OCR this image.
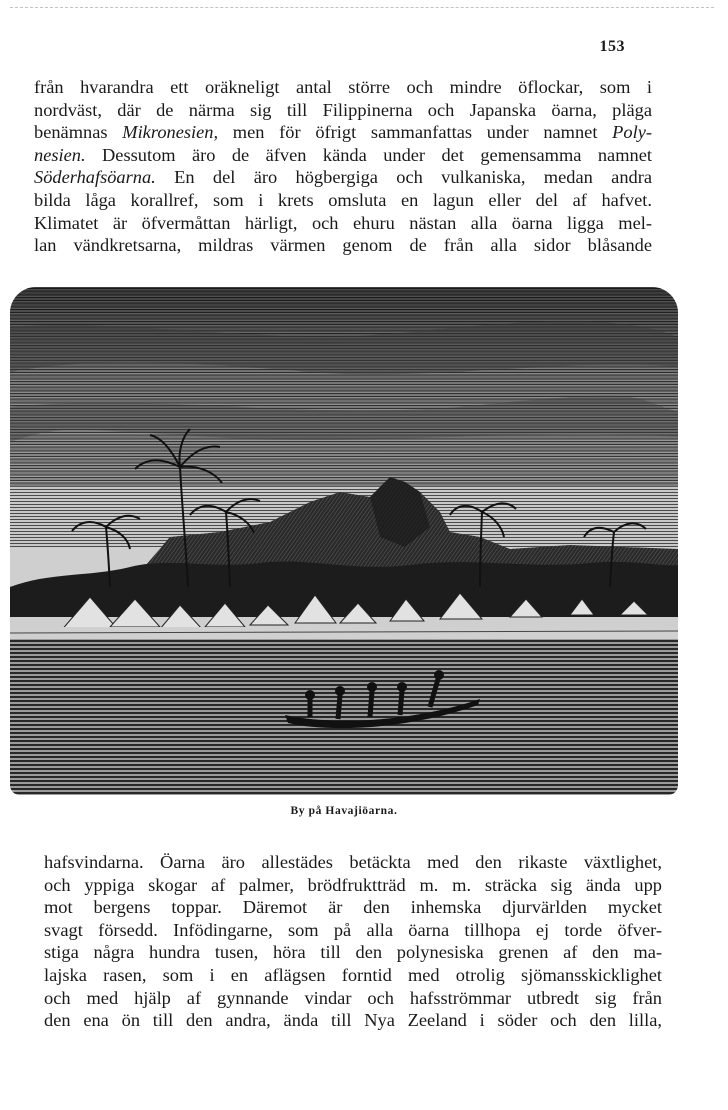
153
från hvarandra ett oräkneligt antal större och mindre öflockar, som i
nordväst, där de närma sig till Filippinerna och Japanska öarna, pläga
benämnas Mikronesien, men för öfrigt sammanfattas under namnet Poly-
nesien. Dessutom äro de äfven kända under det gemensamma namnet
Söderhafsöarna. En del äro högbergiga och vulkaniska, medan andra
bilda låga korallref, som i krets omsluta en lagun eller del af hafvet.
Klimatet är öfvermåttan härligt, och ehuru nästan alla öarna ligga mel-
lan vändkretsarna, mildras värmen genom de från alla sidor blåsande
By på Havajiöarna.
hafsvindarna. Öarna äro allestädes betäckta med den rikaste växtlighet,
och yppiga skogar af palmer, brödfruktträd m. m. sträcka sig ända upp
mot bergens toppar. Däremot är den inhemska djurvärlden mycket
svagt försedd. Infödingarne, som på alla öarna tillhopa ej torde öfver-
stiga några hundra tusen, höra till den polynesiska grenen af den ma-
lajska rasen, som i en aflägsen forntid med otrolig sjömansskicklighet
och med hjälp af gynnande vindar och hafsströmmar utbredt sig från
den ena ön till den andra, ända till Nya Zeeland i söder och den lilla,
